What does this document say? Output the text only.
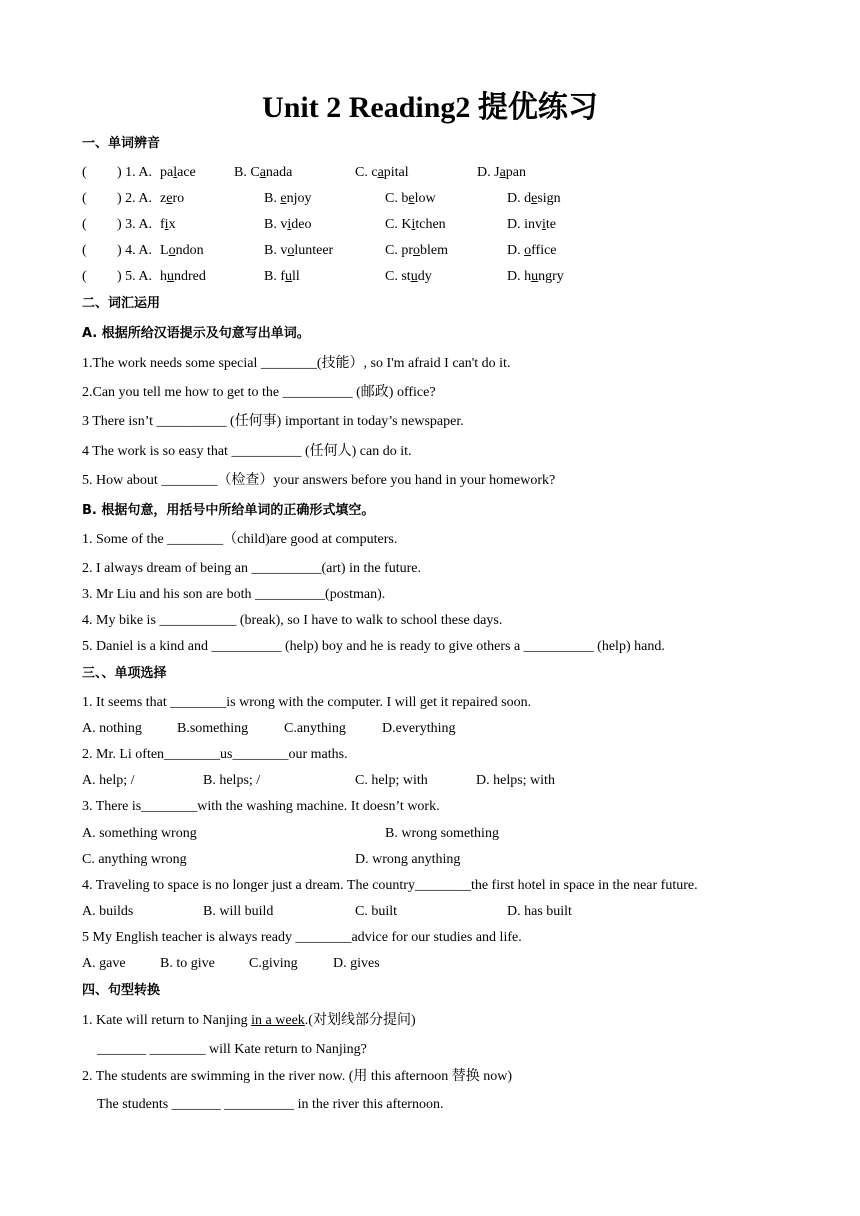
Unit 2 Reading2 提优练习
一、单词辨音
( ) 1. A. palace	B. Canada	C. capital	D. Japan
( ) 2. A. zero	B. enjoy	C. below	D. design
( ) 3. A. fix	B. video	C. Kitchen	D. invite
( ) 4. A. London	B. volunteer	C. problem	D. office
( ) 5. A. hundred	B. full	C. study	D. hungry
二、词汇运用
A. 根据所给汉语提示及句意写出单词。
1.The work needs some special ________(技能）, so I'm afraid I can't do it.
2.Can you tell me how to get to the __________ (邮政) office?
3 There isn’t __________ (任何事) important in today’s newspaper.
4 The work is so easy that __________ (任何人) can do it.
5. How about ________（检查）your answers before you hand in your homework?
B. 根据句意，用括号中所给单词的正确形式填空。
1. Some of the ________（child)are good at computers.
2. I always dream of being an __________(art) in the future.
3. Mr Liu and his son are both __________(postman).
4. My bike is ___________ (break), so I have to walk to school these days.
5. Daniel is a kind and __________ (help) boy and he is ready to give others a __________ (help) hand.
三、、单项选择
1. It seems that ________is wrong with the computer. I will get it repaired soon.
A. nothing	B.something	C.anything	D.everything
2. Mr. Li often________us________our maths.
A. help; /	B. helps; /	C. help; with	D. helps; with
3. There is________with the washing machine. It doesn’t work.
A. something wrong	B. wrong something
C. anything wrong	D. wrong anything
4. Traveling to space is no longer just a dream. The country________the first hotel in space in the near future.
A. builds	B. will build	C. built	D. has built
5 My English teacher is always ready ________advice for our studies and life.
A. gave B. to give C.giving	D. gives
四、句型转换
1. Kate will return to Nanjing in a week.(对划线部分提问)
_______ ________ will Kate return to Nanjing?
2. The students are swimming in the river now. (用 this afternoon 替换 now)
The students _______ __________ in the river this afternoon.
